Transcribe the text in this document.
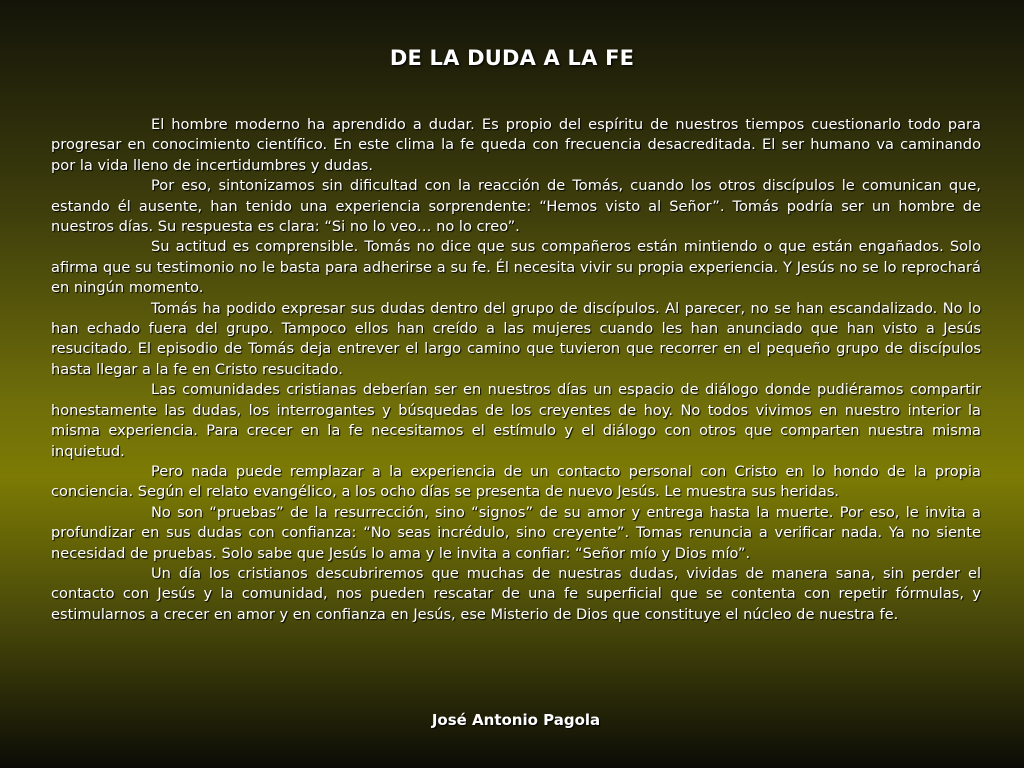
DE LA DUDA A LA FE

El hombre moderno ha aprendido a dudar. Es propio del espíritu de nuestros tiempos cuestionarlo todo para progresar en conocimiento científico. En este clima la fe queda con frecuencia desacreditada. El ser humano va caminando por la vida lleno de incertidumbres y dudas.

Por eso, sintonizamos sin dificultad con la reacción de Tomás, cuando los otros discípulos le comunican que, estando él ausente, han tenido una experiencia sorprendente: “Hemos visto al Señor”. Tomás podría ser un hombre de nuestros días. Su respuesta es clara: “Si no lo veo… no lo creo”.

Su actitud es comprensible. Tomás no dice que sus compañeros están mintiendo o que están engañados. Solo afirma que su testimonio no le basta para adherirse a su fe. Él necesita vivir su propia experiencia. Y Jesús no se lo reprochará en ningún momento.

Tomás ha podido expresar sus dudas dentro del grupo de discípulos. Al parecer, no se han escandalizado. No lo han echado fuera del grupo. Tampoco ellos han creído a las mujeres cuando les han anunciado que han visto a Jesús resucitado. El episodio de Tomás deja entrever el largo camino que tuvieron que recorrer en el pequeño grupo de discípulos hasta llegar a la fe en Cristo resucitado.

Las comunidades cristianas deberían ser en nuestros días un espacio de diálogo donde pudiéramos compartir honestamente las dudas, los interrogantes y búsquedas de los creyentes de hoy. No todos vivimos en nuestro interior la misma experiencia. Para crecer en la fe necesitamos el estímulo y el diálogo con otros que comparten nuestra misma inquietud.

Pero nada puede remplazar a la experiencia de un contacto personal con Cristo en lo hondo de la propia conciencia. Según el relato evangélico, a los ocho días se presenta de nuevo Jesús. Le muestra sus heridas.

No son “pruebas” de la resurrección, sino “signos” de su amor y entrega hasta la muerte. Por eso, le invita a profundizar en sus dudas con confianza: “No seas incrédulo, sino creyente”. Tomas renuncia a verificar nada. Ya no siente necesidad de pruebas. Solo sabe que Jesús lo ama y le invita a confiar: “Señor mío y Dios mío”.

Un día los cristianos descubriremos que muchas de nuestras dudas, vividas de manera sana, sin perder el contacto con Jesús y la comunidad, nos pueden rescatar de una fe superficial que se contenta con repetir fórmulas, y estimularnos a crecer en amor y en confianza en Jesús, ese Misterio de Dios que constituye el núcleo de nuestra fe.

José Antonio Pagola
